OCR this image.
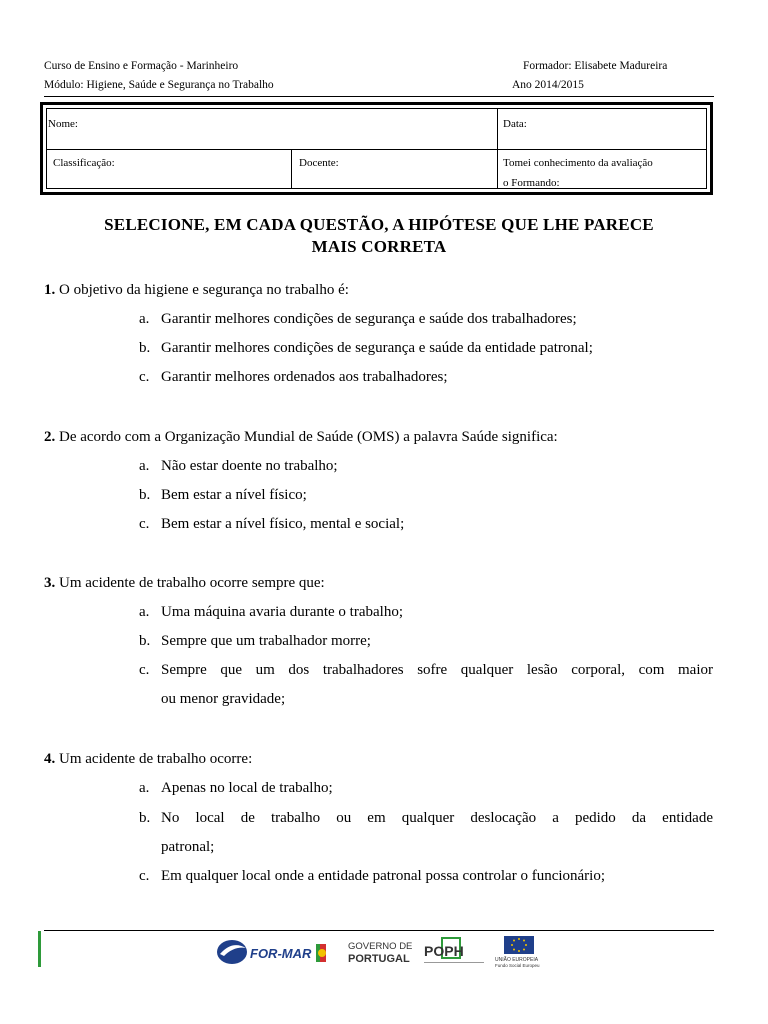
Curso de Ensino e Formação - Marinheiro	Formador: Elisabete Madureira
Módulo: Higiene, Saúde e Segurança no Trabalho	Ano 2014/2015
Nome:	Data:
Classificação:	Docente:	Tomei conhecimento da avaliação
o Formando:
SELECIONE, EM CADA QUESTÃO, A HIPÓTESE QUE LHE PARECE
MAIS CORRETA
1. O objetivo da higiene e segurança no trabalho é:
a. Garantir melhores condições de segurança e saúde dos trabalhadores;
b. Garantir melhores condições de segurança e saúde da entidade patronal;
c. Garantir melhores ordenados aos trabalhadores;
2. De acordo com a Organização Mundial de Saúde (OMS) a palavra Saúde significa:
a. Não estar doente no trabalho;
b. Bem estar a nível físico;
c. Bem estar a nível físico, mental e social;
3. Um acidente de trabalho ocorre sempre que:
a. Uma máquina avaria durante o trabalho;
b. Sempre que um trabalhador morre;
c. Sempre que um dos trabalhadores sofre qualquer lesão corporal, com maior
ou menor gravidade;
4. Um acidente de trabalho ocorre:
a. Apenas no local de trabalho;
b. No local de trabalho ou em qualquer deslocação a pedido da entidade
patronal;
c. Em qualquer local onde a entidade patronal possa controlar o funcionário;
FOR-MAR	GOVERNO DE
PORTUGAL POPH
UNIÃO EUROPEIA
Fundo Social Europeu
